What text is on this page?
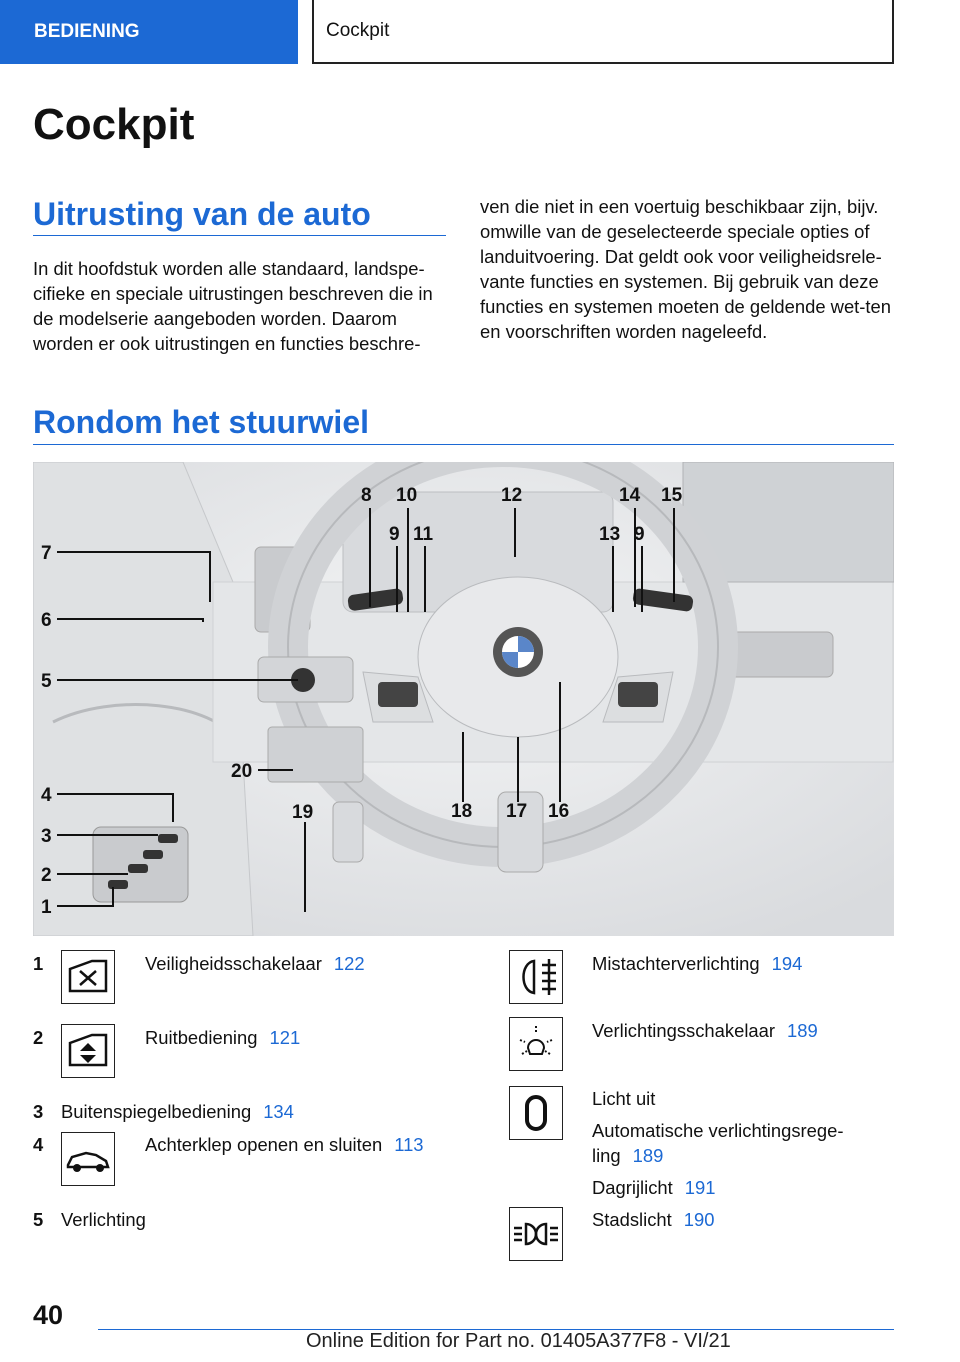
BEDIENING	Cockpit
Cockpit
Uitrusting van de auto

In dit hoofdstuk worden alle standaard, landspe-cifieke en speciale uitrustingen beschreven die in de modelserie aangeboden worden. Daarom worden er ook uitrustingen en functies beschre-

ven die niet in een voertuig beschikbaar zijn, bijv. omwille van de geselecteerde speciale opties of landuitvoering. Dat geldt ook voor veiligheidsrele-vante functies en systemen. Bij gebruik van deze functies en systemen moeten de geldende wet-ten en voorschriften worden nageleefd.

Rondom het stuurwiel
8 10	12	14 15
9 11	13 9
7
6
5
20
4
3
2
1
19	18 17 16
1	Veiligheidsschakelaar 122
2	Ruitbediening 121
3 Buitenspiegelbediening 134
4	Achterklep openen en sluiten 113
5 Verlichting
Mistachterverlichting 194
Verlichtingsschakelaar 189
Licht uit
Automatische verlichtingsrege-ling 189
Dagrijlicht 191
Stadslicht 190
40
Online Edition for Part no. 01405A377F8 - VI/21
